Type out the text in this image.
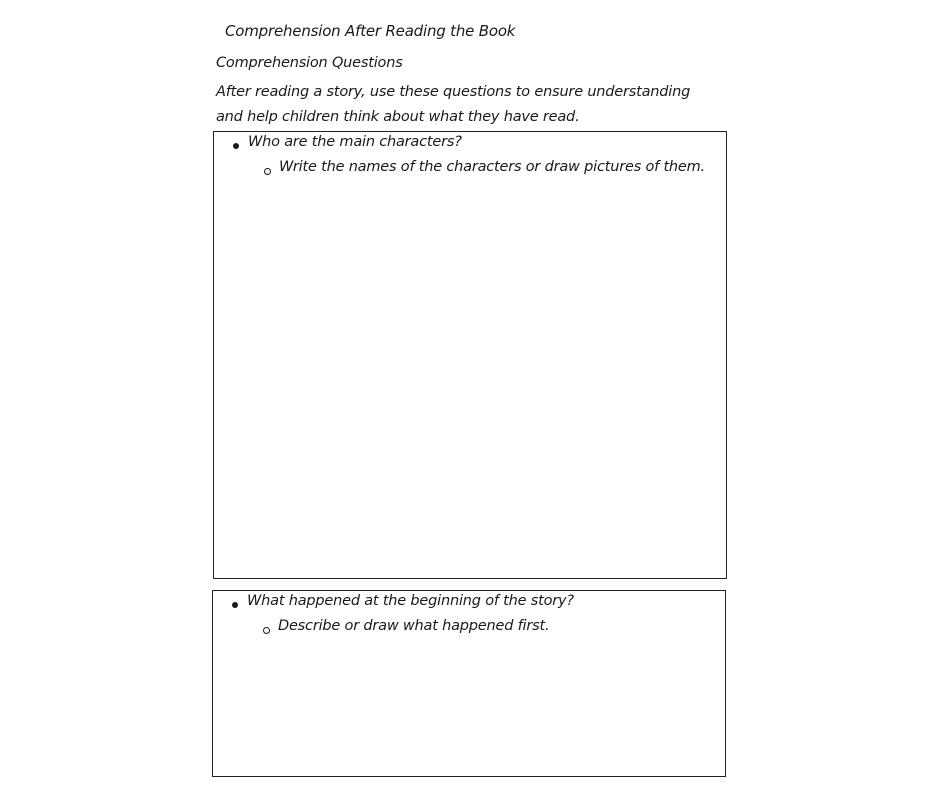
Comprehension After Reading the Book
Comprehension Questions
After reading a story, use these questions to ensure understanding and help children think about what they have read.
Who are the main characters?
Write the names of the characters or draw pictures of them.
What happened at the beginning of the story?
Describe or draw what happened first.
